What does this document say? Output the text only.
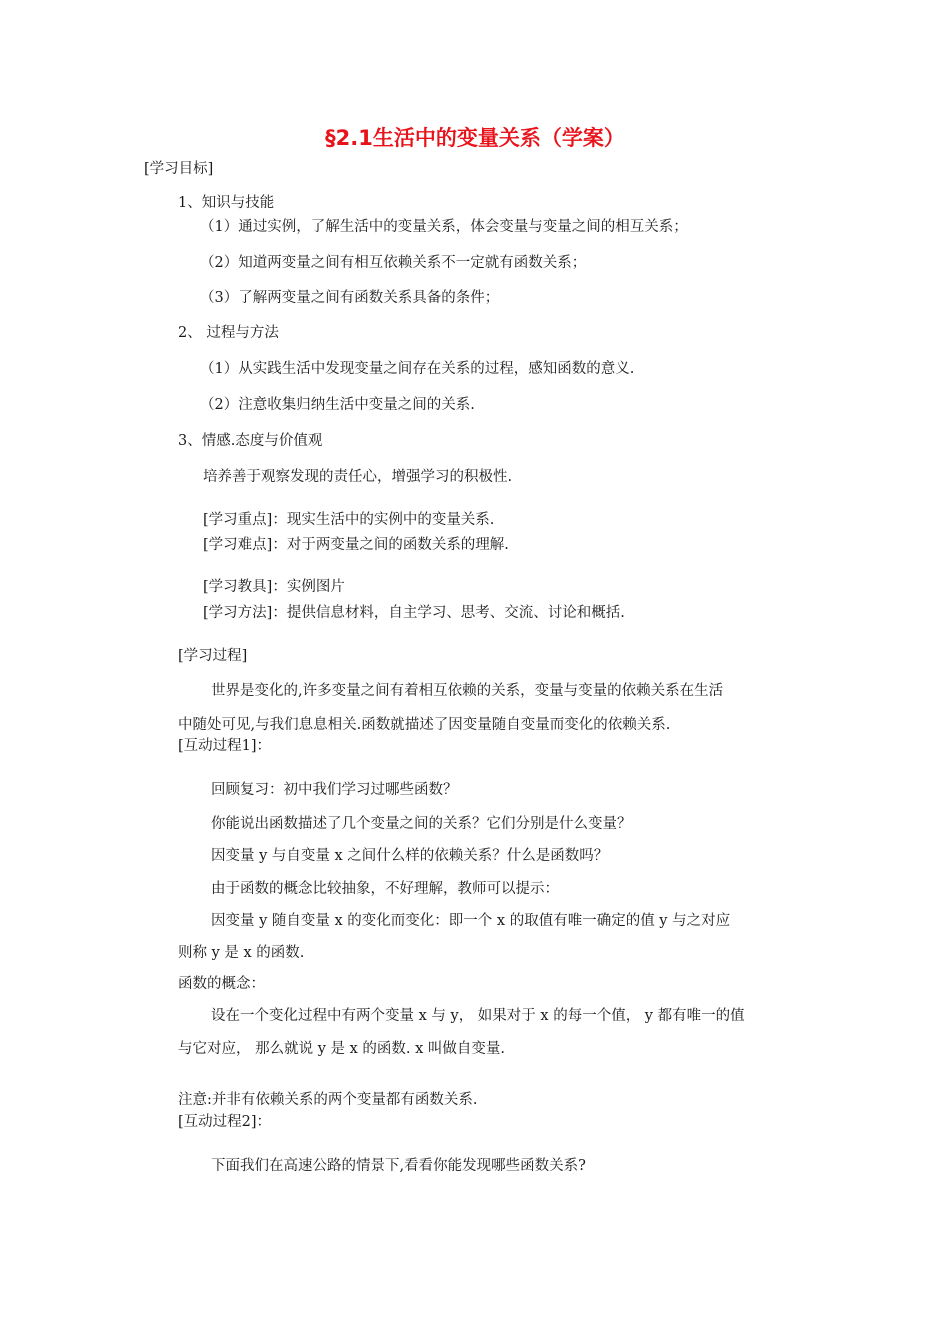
§2.1生活中的变量关系（学案）
[学习目标]
1、知识与技能
（1）通过实例，了解生活中的变量关系，体会变量与变量之间的相互关系；
（2）知道两变量之间有相互依赖关系不一定就有函数关系；
（3）了解两变量之间有函数关系具备的条件；
2、 过程与方法
（1）从实践生活中发现变量之间存在关系的过程，感知函数的意义.
（2）注意收集归纳生活中变量之间的关系.
3、情感.态度与价值观
培养善于观察发现的责任心，增强学习的积极性.
[学习重点]：现实生活中的实例中的变量关系.
[学习难点]：对于两变量之间的函数关系的理解.
[学习教具]：实例图片
[学习方法]：提供信息材料，自主学习、思考、交流、讨论和概括.
[学习过程]
世界是变化的,许多变量之间有着相互依赖的关系，变量与变量的依赖关系在生活
中随处可见,与我们息息相关.函数就描述了因变量随自变量而变化的依赖关系.
[互动过程1]：
回顾复习：初中我们学习过哪些函数？
你能说出函数描述了几个变量之间的关系？它们分别是什么变量？
因变量 y 与自变量 x 之间什么样的依赖关系？什么是函数吗？
由于函数的概念比较抽象，不好理解，教师可以提示：
因变量 y 随自变量 x 的变化而变化：即一个 x 的取值有唯一确定的值 y 与之对应
则称 y 是 x 的函数.
函数的概念：
设在一个变化过程中有两个变量 x 与 y， 如果对于 x 的每一个值， y 都有唯一的值
与它对应， 那么就说 y 是 x 的函数. x 叫做自变量.
注意:并非有依赖关系的两个变量都有函数关系.
[互动过程2]：
下面我们在高速公路的情景下,看看你能发现哪些函数关系?
